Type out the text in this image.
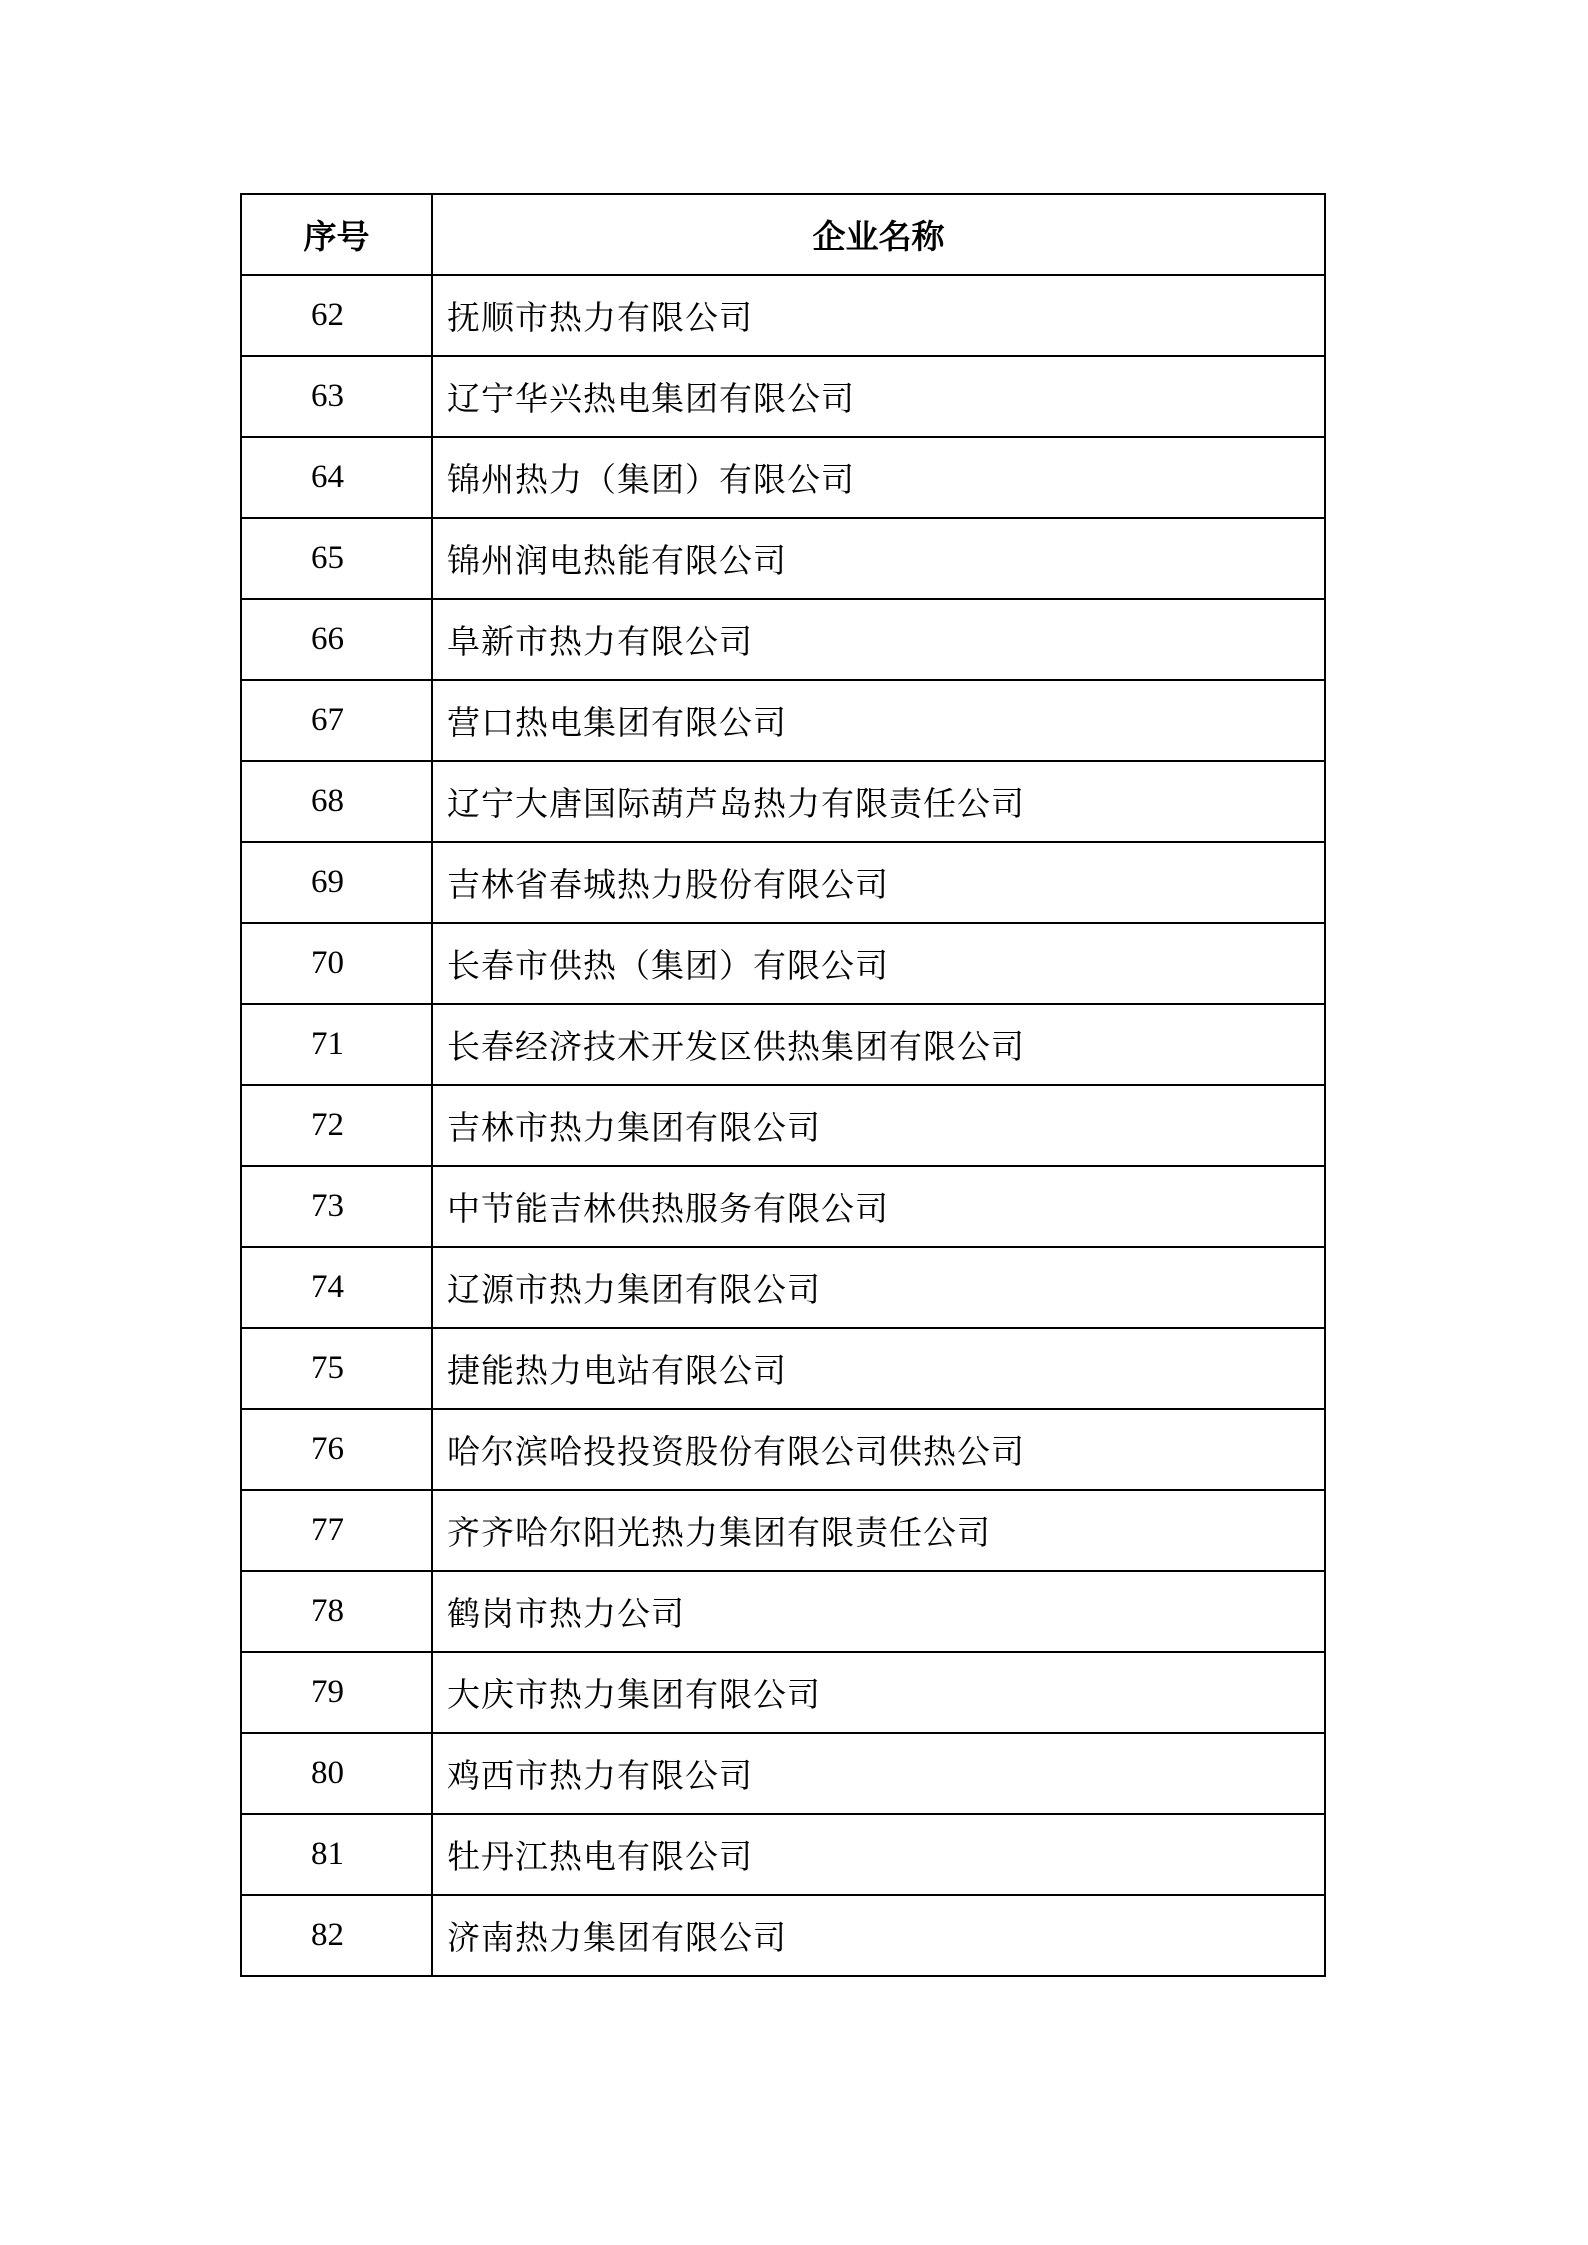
序号	企业名称
62	抚顺市热力有限公司
63	辽宁华兴热电集团有限公司
64	锦州热力（集团）有限公司
65	锦州润电热能有限公司
66	阜新市热力有限公司
67	营口热电集团有限公司
68	辽宁大唐国际葫芦岛热力有限责任公司
69	吉林省春城热力股份有限公司
70	长春市供热（集团）有限公司
71	长春经济技术开发区供热集团有限公司
72	吉林市热力集团有限公司
73	中节能吉林供热服务有限公司
74	辽源市热力集团有限公司
75	捷能热力电站有限公司
76	哈尔滨哈投投资股份有限公司供热公司
77	齐齐哈尔阳光热力集团有限责任公司
78	鹤岗市热力公司
79	大庆市热力集团有限公司
80	鸡西市热力有限公司
81	牡丹江热电有限公司
82	济南热力集团有限公司
